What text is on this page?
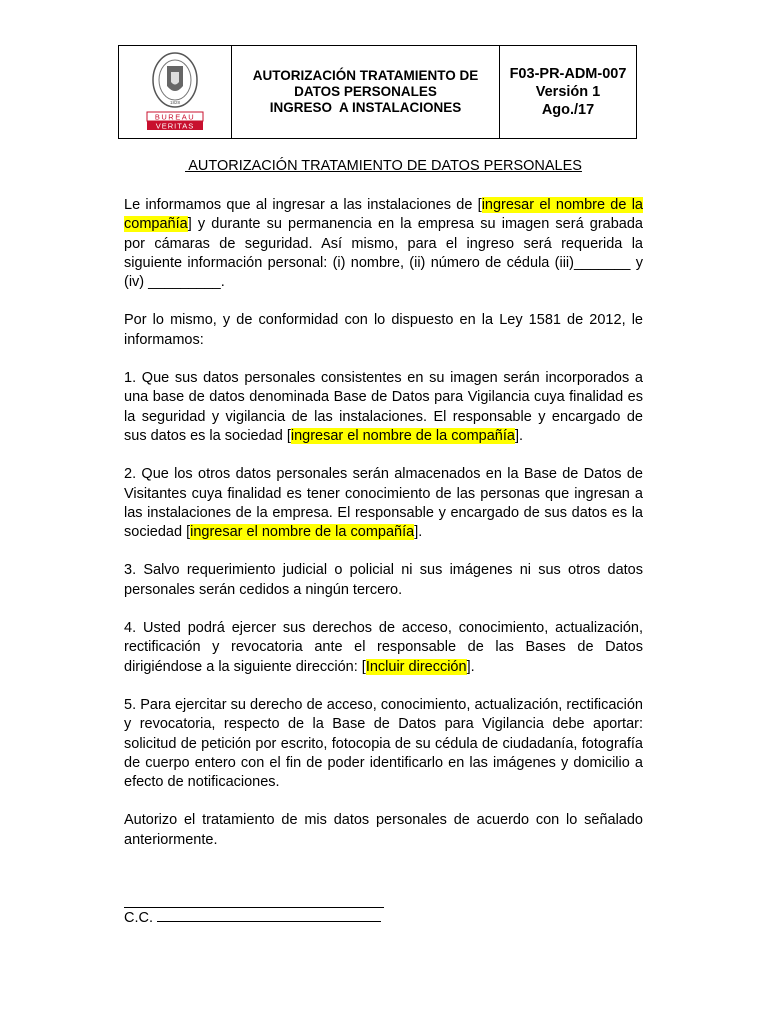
1828
BUREAU
VERITAS
AUTORIZACIÓN TRATAMIENTO DE
DATOS PERSONALES
INGRESO  A INSTALACIONES
F03-PR-ADM-007
Versión 1
Ago./17
AUTORIZACIÓN TRATAMIENTO DE DATOS PERSONALES

Le informamos que al ingresar a las instalaciones de [ingresar el nombre de la compañía] y durante su permanencia en la empresa su imagen será grabada por cámaras de seguridad. Así mismo, para el ingreso será requerida la siguiente información personal: (i) nombre, (ii) número de cédula (iii)_______ y (iv) _________.

Por lo mismo, y de conformidad con lo dispuesto en la Ley 1581 de 2012, le informamos:

1. Que sus datos personales consistentes en su imagen serán incorporados a una base de datos denominada Base de Datos para Vigilancia cuya finalidad es la seguridad y vigilancia de las instalaciones. El responsable y encargado de sus datos es la sociedad [ingresar el nombre de la compañía].

2. Que los otros datos personales serán almacenados en la Base de Datos de Visitantes cuya finalidad es tener conocimiento de las personas que ingresan a las instalaciones de la empresa. El responsable y encargado de sus datos es la sociedad [ingresar el nombre de la compañía].

3. Salvo requerimiento judicial o policial ni sus imágenes ni sus otros datos personales serán cedidos a ningún tercero.

4. Usted podrá ejercer sus derechos de acceso, conocimiento, actualización, rectificación y revocatoria ante el responsable de las Bases de Datos dirigiéndose a la siguiente dirección: [Incluir dirección].

5. Para ejercitar su derecho de acceso, conocimiento, actualización, rectificación y revocatoria, respecto de la Base de Datos para Vigilancia debe aportar: solicitud de petición por escrito, fotocopia de su cédula de ciudadanía, fotografía de cuerpo entero con el fin de poder identificarlo en las imágenes y domicilio a efecto de notificaciones.

Autorizo el tratamiento de mis datos personales de acuerdo con lo señalado anteriormente.

C.C.
